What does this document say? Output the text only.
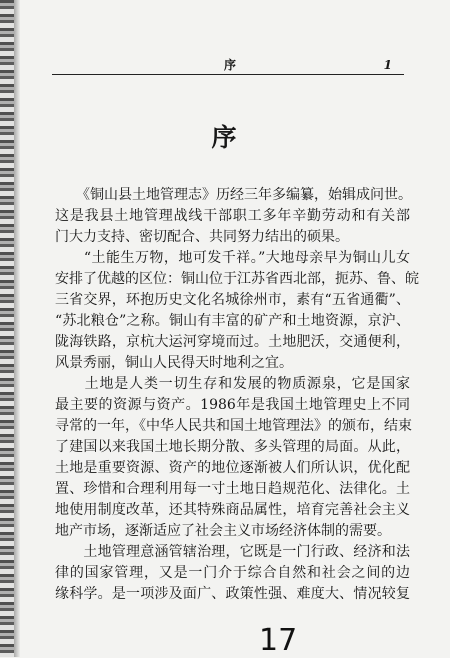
序	1
序
　　《铜山县土地管理志》历经三年多编纂，始辑成问世。
这是我县土地管理战线干部职工多年辛勤劳动和有关部
门大力支持、密切配合、共同努力结出的硕果。
　　“土能生万物，地可发千祥。”大地母亲早为铜山儿女
安排了优越的区位：铜山位于江苏省西北部，扼苏、鲁、皖
三省交界，环抱历史文化名城徐州市，素有“五省通衢”、
“苏北粮仓”之称。铜山有丰富的矿产和土地资源，京沪、
陇海铁路，京杭大运河穿境而过。土地肥沃，交通便利，
风景秀丽，铜山人民得天时地利之宜。
　　土地是人类一切生存和发展的物质源泉，它是国家
最主要的资源与资产。1986年是我国土地管理史上不同
寻常的一年，《中华人民共和国土地管理法》的颁布，结束
了建国以来我国土地长期分散、多头管理的局面。从此，
土地是重要资源、资产的地位逐渐被人们所认识，优化配
置、珍惜和合理利用每一寸土地日趋规范化、法律化。土
地使用制度改革，还其特殊商品属性，培育完善社会主义
地产市场，逐渐适应了社会主义市场经济体制的需要。
　　土地管理意涵管辖治理，它既是一门行政、经济和法
律的国家管理，又是一门介于综合自然和社会之间的边
缘科学。是一项涉及面广、政策性强、难度大、情况较复
17
